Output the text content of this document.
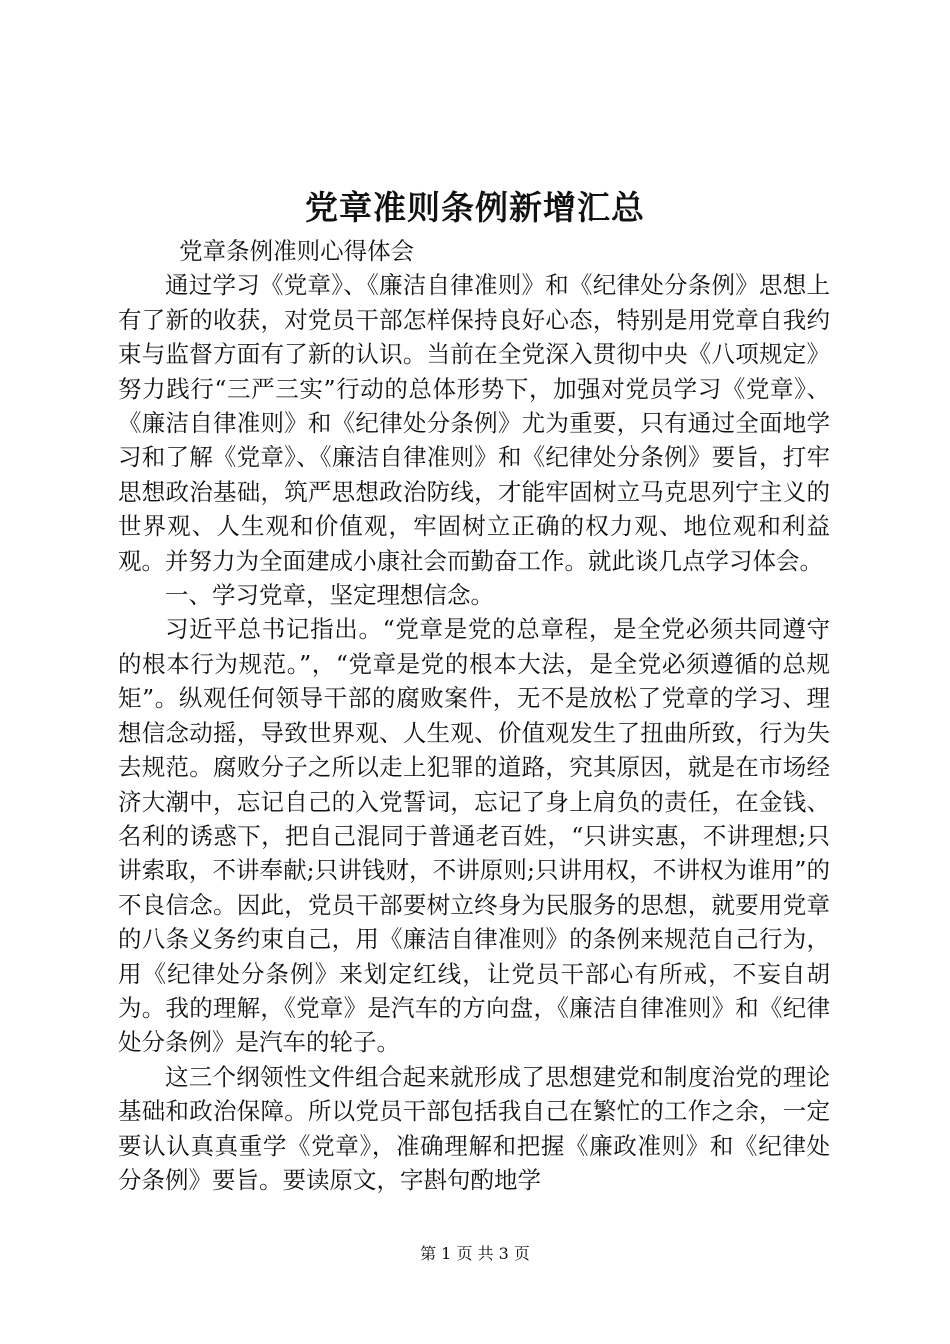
党章准则条例新增汇总

党章条例准则心得体会

通过学习《党章》、《廉洁自律准则》和《纪律处分条例》思想上有了新的收获，对党员干部怎样保持良好心态，特别是用党章自我约束与监督方面有了新的认识。当前在全党深入贯彻中央《八项规定》努力践行“三严三实”行动的总体形势下，加强对党员学习《党章》、《廉洁自律准则》和《纪律处分条例》尤为重要，只有通过全面地学习和了解《党章》、《廉洁自律准则》和《纪律处分条例》要旨，打牢思想政治基础，筑严思想政治防线，才能牢固树立马克思列宁主义的世界观、人生观和价值观，牢固树立正确的权力观、地位观和利益观。并努力为全面建成小康社会而勤奋工作。就此谈几点学习体会。

一、学习党章，坚定理想信念。

习近平总书记指出。“党章是党的总章程，是全党必须共同遵守的根本行为规范。”，“党章是党的根本大法，是全党必须遵循的总规矩”。纵观任何领导干部的腐败案件，无不是放松了党章的学习、理想信念动摇，导致世界观、人生观、价值观发生了扭曲所致，行为失去规范。腐败分子之所以走上犯罪的道路，究其原因，就是在市场经济大潮中，忘记自己的入党誓词，忘记了身上肩负的责任，在金钱、名利的诱惑下，把自己混同于普通老百姓，“只讲实惠，不讲理想;只讲索取，不讲奉献;只讲钱财，不讲原则;只讲用权，不讲权为谁用”的不良信念。因此，党员干部要树立终身为民服务的思想，就要用党章的八条义务约束自己，用《廉洁自律准则》的条例来规范自己行为，用《纪律处分条例》来划定红线，让党员干部心有所戒，不妄自胡为。我的理解，《党章》是汽车的方向盘，《廉洁自律准则》和《纪律处分条例》是汽车的轮子。

这三个纲领性文件组合起来就形成了思想建党和制度治党的理论基础和政治保障。所以党员干部包括我自己在繁忙的工作之余，一定要认认真真重学《党章》，准确理解和把握《廉政准则》和《纪律处分条例》要旨。要读原文，字斟句酌地学

第 1 页 共 3 页
